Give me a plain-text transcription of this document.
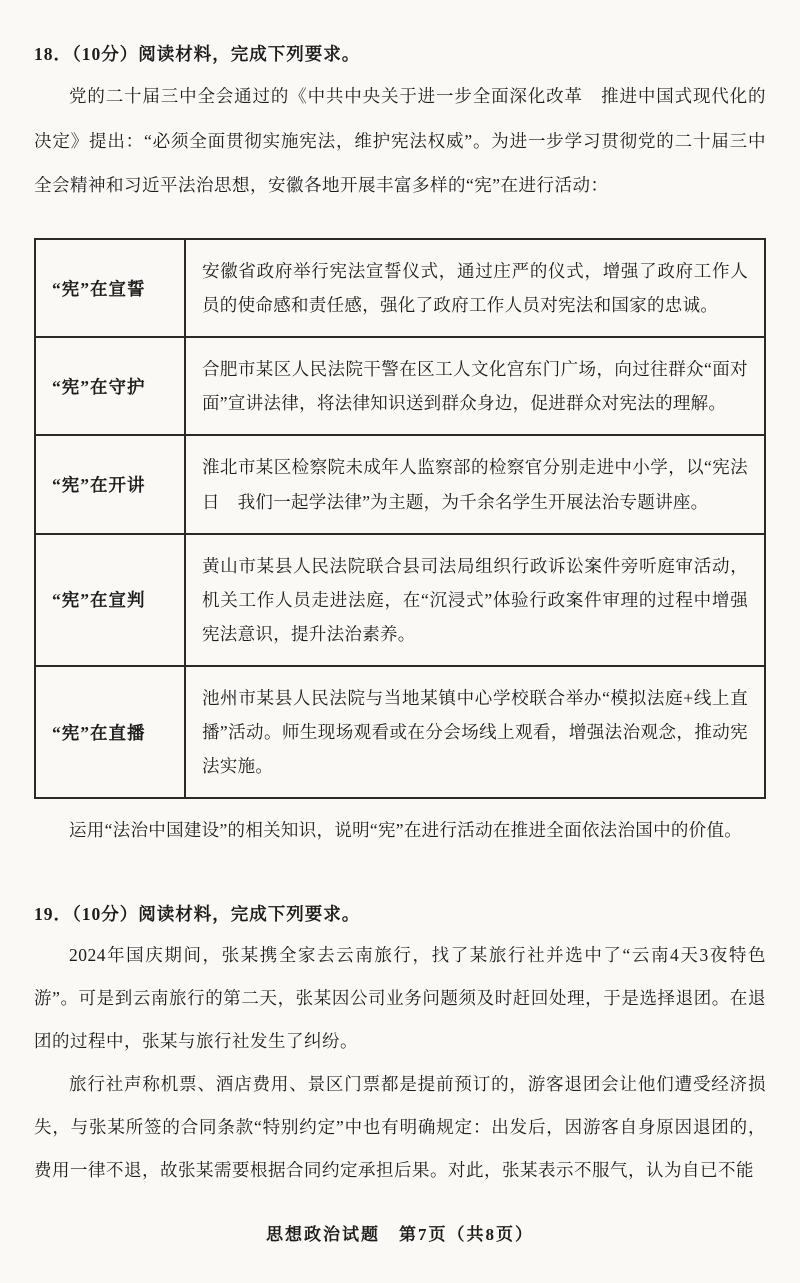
18．（10分）阅读材料，完成下列要求。

党的二十届三中全会通过的《中共中央关于进一步全面深化改革　推进中国式现代化的决定》提出：“必须全面贯彻实施宪法，维护宪法权威”。为进一步学习贯彻党的二十届三中全会精神和习近平法治思想，安徽各地开展丰富多样的“宪”在进行活动：

“宪”在宣誓	安徽省政府举行宪法宣誓仪式，通过庄严的仪式，增强了政府工作人员的使命感和责任感，强化了政府工作人员对宪法和国家的忠诚。
“宪”在守护	合肥市某区人民法院干警在区工人文化宫东门广场，向过往群众“面对面”宣讲法律，将法律知识送到群众身边，促进群众对宪法的理解。
“宪”在开讲	淮北市某区检察院未成年人监察部的检察官分别走进中小学，以“宪法日　我们一起学法律”为主题，为千余名学生开展法治专题讲座。
“宪”在宣判	黄山市某县人民法院联合县司法局组织行政诉讼案件旁听庭审活动，机关工作人员走进法庭，在“沉浸式”体验行政案件审理的过程中增强宪法意识，提升法治素养。
“宪”在直播	池州市某县人民法院与当地某镇中心学校联合举办“模拟法庭+线上直播”活动。师生现场观看或在分会场线上观看，增强法治观念，推动宪法实施。

运用“法治中国建设”的相关知识，说明“宪”在进行活动在推进全面依法治国中的价值。

19．（10分）阅读材料，完成下列要求。

2024年国庆期间，张某携全家去云南旅行，找了某旅行社并选中了“云南4天3夜特色游”。可是到云南旅行的第二天，张某因公司业务问题须及时赶回处理，于是选择退团。在退团的过程中，张某与旅行社发生了纠纷。

旅行社声称机票、酒店费用、景区门票都是提前预订的，游客退团会让他们遭受经济损失，与张某所签的合同条款“特别约定”中也有明确规定：出发后，因游客自身原因退团的，费用一律不退，故张某需要根据合同约定承担后果。对此，张某表示不服气，认为自已不能

思想政治试题　第7页（共8页）
